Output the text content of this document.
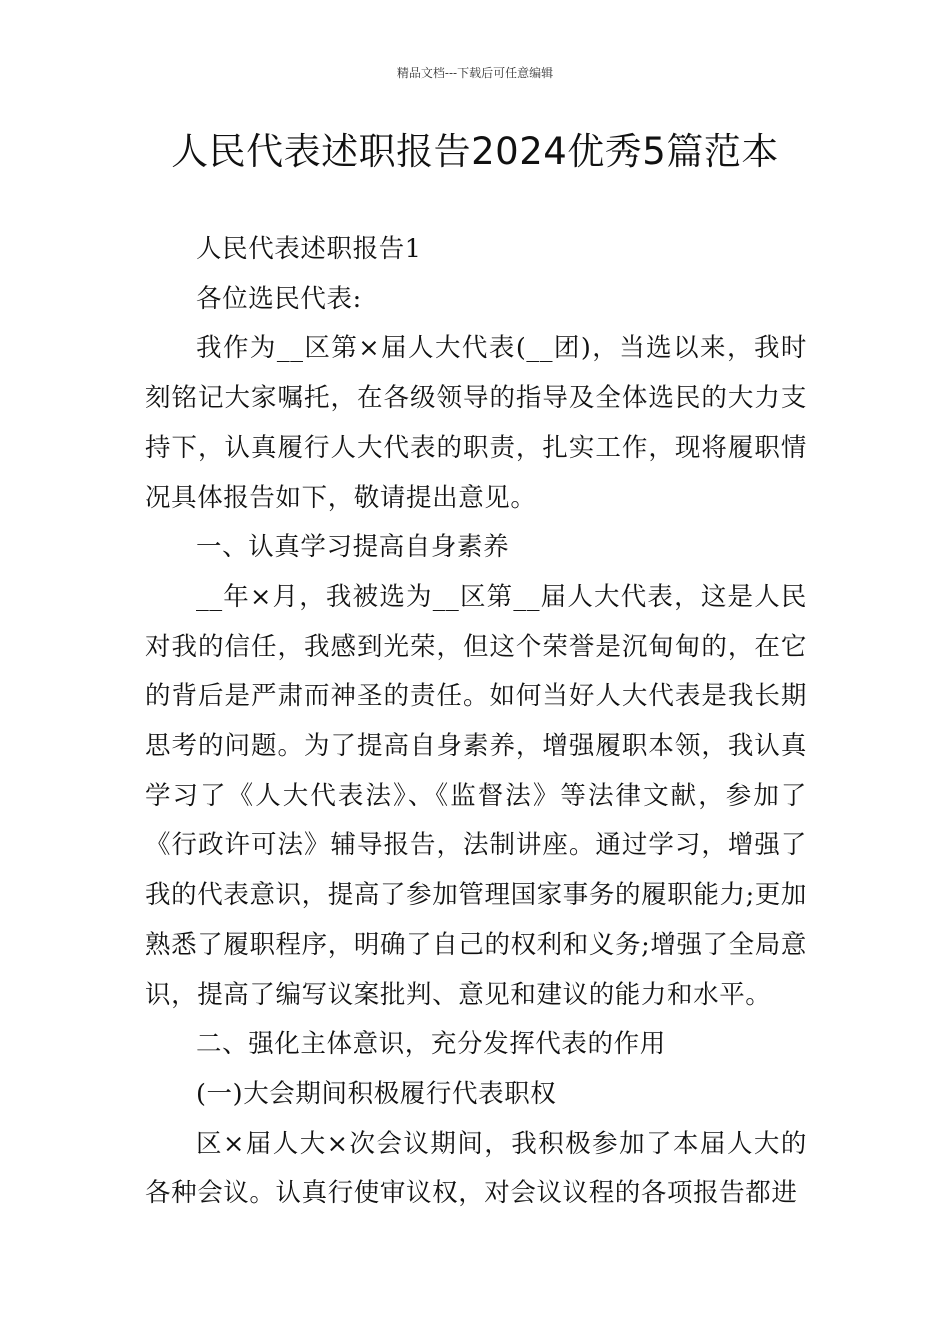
精品文档---下载后可任意编辑
人民代表述职报告2024优秀5篇范本

人民代表述职报告1

各位选民代表:

我作为__区第×届人大代表(__团)，当选以来，我时刻铭记大家嘱托，在各级领导的指导及全体选民的大力支持下，认真履行人大代表的职责，扎实工作，现将履职情况具体报告如下，敬请提出意见。

一、认真学习提高自身素养

__年×月，我被选为__区第__届人大代表，这是人民对我的信任，我感到光荣，但这个荣誉是沉甸甸的，在它的背后是严肃而神圣的责任。如何当好人大代表是我长期思考的问题。为了提高自身素养，增强履职本领，我认真学习了《人大代表法》、《监督法》等法律文献，参加了《行政许可法》辅导报告，法制讲座。通过学习，增强了我的代表意识，提高了参加管理国家事务的履职能力;更加熟悉了履职程序，明确了自己的权利和义务;增强了全局意识，提高了编写议案批判、意见和建议的能力和水平。

二、强化主体意识，充分发挥代表的作用

(一)大会期间积极履行代表职权

区×届人大×次会议期间，我积极参加了本届人大的各种会议。认真行使审议权，对会议议程的各项报告都进
